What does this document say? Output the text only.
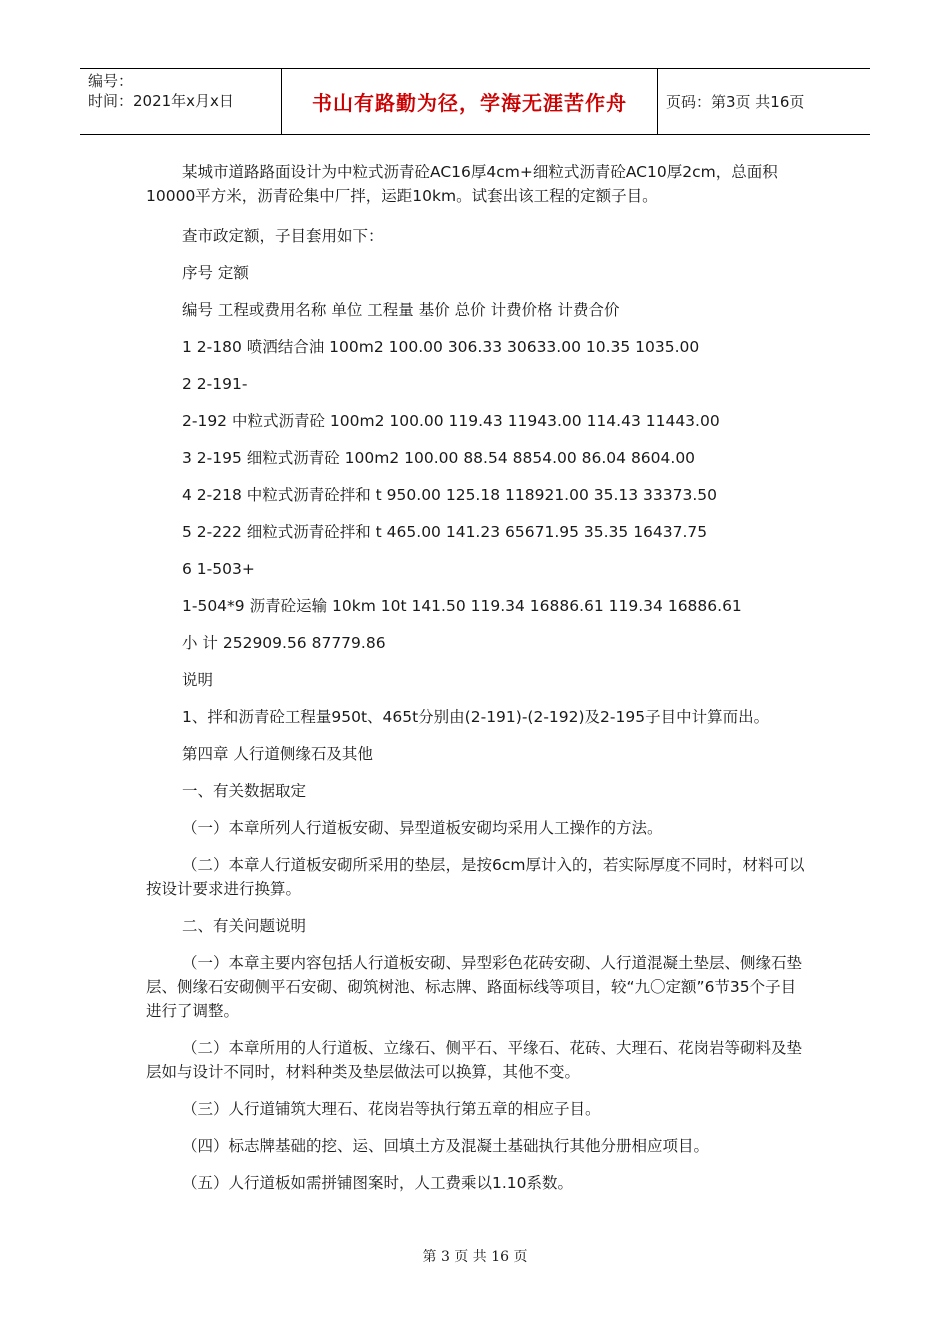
编号：
时间：2021年x月x日	书山有路勤为径，学海无涯苦作舟	页码：第3页 共16页

某城市道路路面设计为中粒式沥青砼AC16厚4cm+细粒式沥青砼AC10厚2cm，总面积10000平方米，沥青砼集中厂拌，运距10km。试套出该工程的定额子目。

查市政定额，子目套用如下：

序号 定额

编号 工程或费用名称 单位 工程量 基价 总价 计费价格 计费合价

1 2-180 喷洒结合油 100m2 100.00 306.33 30633.00 10.35 1035.00

2 2-191-

2-192 中粒式沥青砼 100m2 100.00 119.43 11943.00 114.43 11443.00

3 2-195 细粒式沥青砼 100m2 100.00 88.54 8854.00 86.04 8604.00

4 2-218 中粒式沥青砼拌和 t 950.00 125.18 118921.00 35.13 33373.50

5 2-222 细粒式沥青砼拌和 t 465.00 141.23 65671.95 35.35 16437.75

6 1-503+

1-504*9 沥青砼运输 10km 10t 141.50 119.34 16886.61 119.34 16886.61

小 计 252909.56 87779.86

说明

1、拌和沥青砼工程量950t、465t分别由(2-191)-(2-192)及2-195子目中计算而出。

第四章 人行道侧缘石及其他

一、有关数据取定

（一）本章所列人行道板安砌、异型道板安砌均采用人工操作的方法。

（二）本章人行道板安砌所采用的垫层，是按6cm厚计入的，若实际厚度不同时，材料可以按设计要求进行换算。

二、有关问题说明

（一）本章主要内容包括人行道板安砌、异型彩色花砖安砌、人行道混凝土垫层、侧缘石垫层、侧缘石安砌侧平石安砌、砌筑树池、标志牌、路面标线等项目，较“九〇定额”6节35个子目进行了调整。

（二）本章所用的人行道板、立缘石、侧平石、平缘石、花砖、大理石、花岗岩等砌料及垫层如与设计不同时，材料种类及垫层做法可以换算，其他不变。

（三）人行道铺筑大理石、花岗岩等执行第五章的相应子目。

（四）标志牌基础的挖、运、回填土方及混凝土基础执行其他分册相应项目。

（五）人行道板如需拼铺图案时，人工费乘以1.10系数。

第 3 页 共 16 页
